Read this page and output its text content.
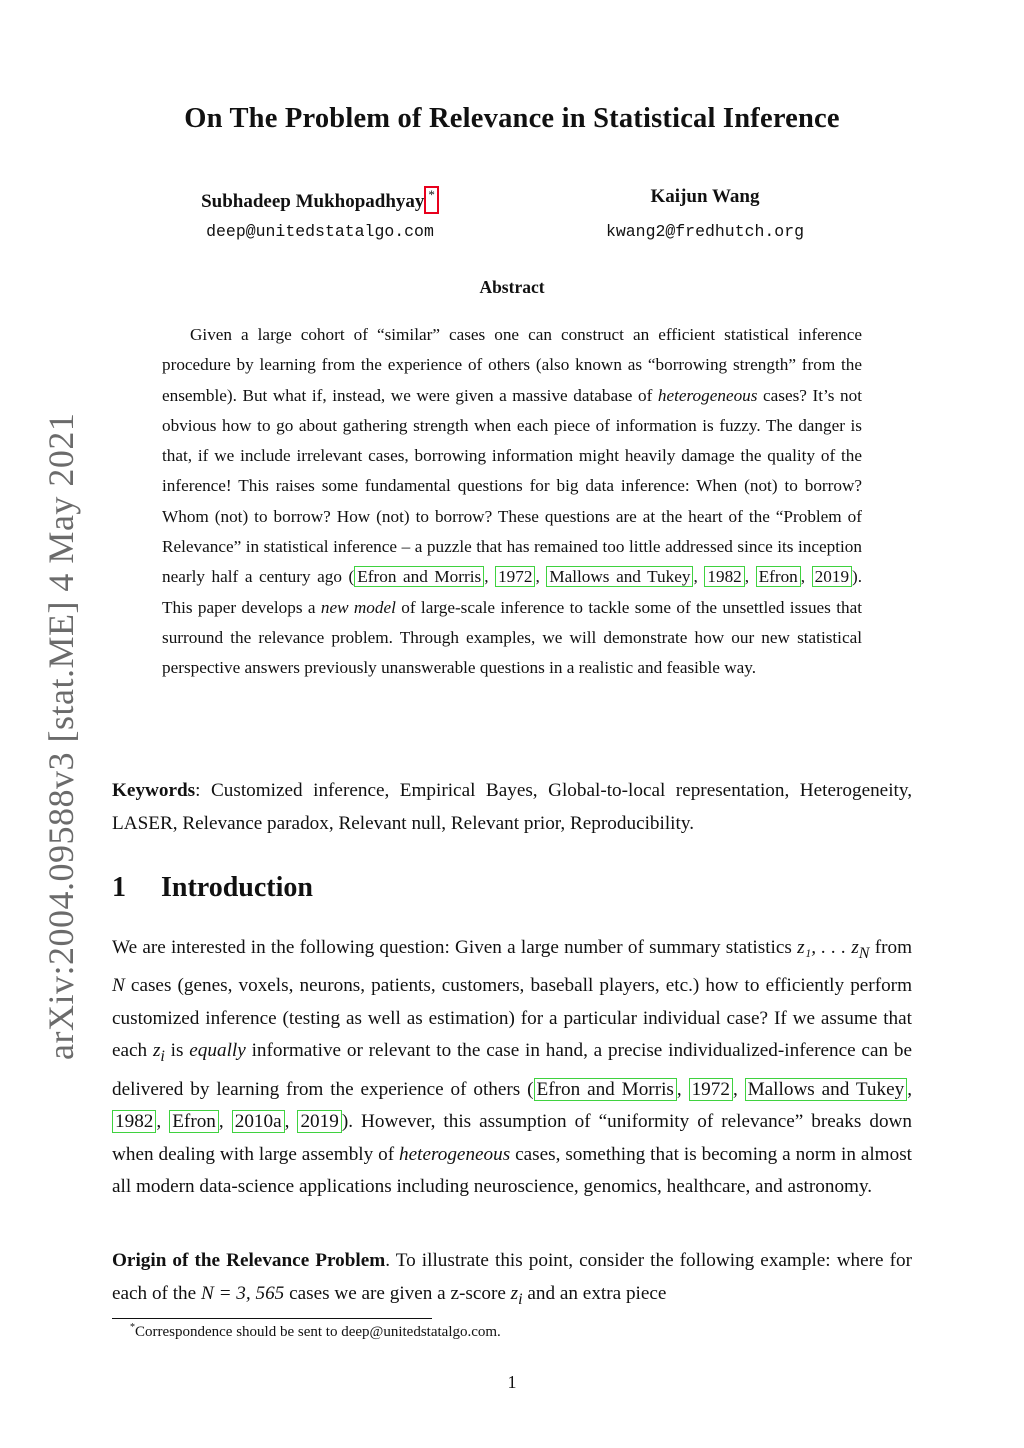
arXiv:2004.09588v3 [stat.ME] 4 May 2021
On The Problem of Relevance in Statistical Inference
Subhadeep Mukhopadhyay *
deep@unitedstatalgo.com
Kaijun Wang
kwang2@fredhutch.org
Abstract

Given a large cohort of “similar” cases one can construct an efficient statistical inference procedure by learning from the experience of others (also known as “borrowing strength” from the ensemble). But what if, instead, we were given a massive database of heterogeneous cases? It’s not obvious how to go about gathering strength when each piece of information is fuzzy. The danger is that, if we include irrelevant cases, borrowing information might heavily damage the quality of the inference! This raises some fundamental questions for big data inference: When (not) to borrow? Whom (not) to borrow? How (not) to borrow? These questions are at the heart of the “Problem of Relevance” in statistical inference – a puzzle that has remained too little addressed since its inception nearly half a century ago ( Efron and Morris , 1972 , Mallows and Tukey , 1982 , Efron , 2019 ). This paper develops a new model of large-scale inference to tackle some of the unsettled issues that surround the relevance problem. Through examples, we will demonstrate how our new statistical perspective answers previously unanswerable questions in a realistic and feasible way.

Keywords: Customized inference, Empirical Bayes, Global-to-local representation, Heterogeneity, LASER, Relevance paradox, Relevant null, Relevant prior, Reproducibility.

1 Introduction

We are interested in the following question: Given a large number of summary statistics z₁, . . . $z_N$ from N cases (genes, voxels, neurons, patients, customers, baseball players, etc.) how to efficiently perform customized inference (testing as well as estimation) for a particular individual case? If we assume that each $z_i$ is equally informative or relevant to the case in hand, a precise individualized-inference can be delivered by learning from the experience of others ( Efron and Morris , 1972 , Mallows and Tukey , 1982 , Efron , 2010a , 2019 ). However, this assumption of “uniformity of relevance” breaks down when dealing with large assembly of heterogeneous cases, something that is becoming a norm in almost all modern data-science applications including neuroscience, genomics, healthcare, and astronomy.

Origin of the Relevance Problem. To illustrate this point, consider the following example: where for each of the N = 3, 565 cases we are given a z-score $z_i$ and an extra piece

*Correspondence should be sent to deep@unitedstatalgo.com.
1
